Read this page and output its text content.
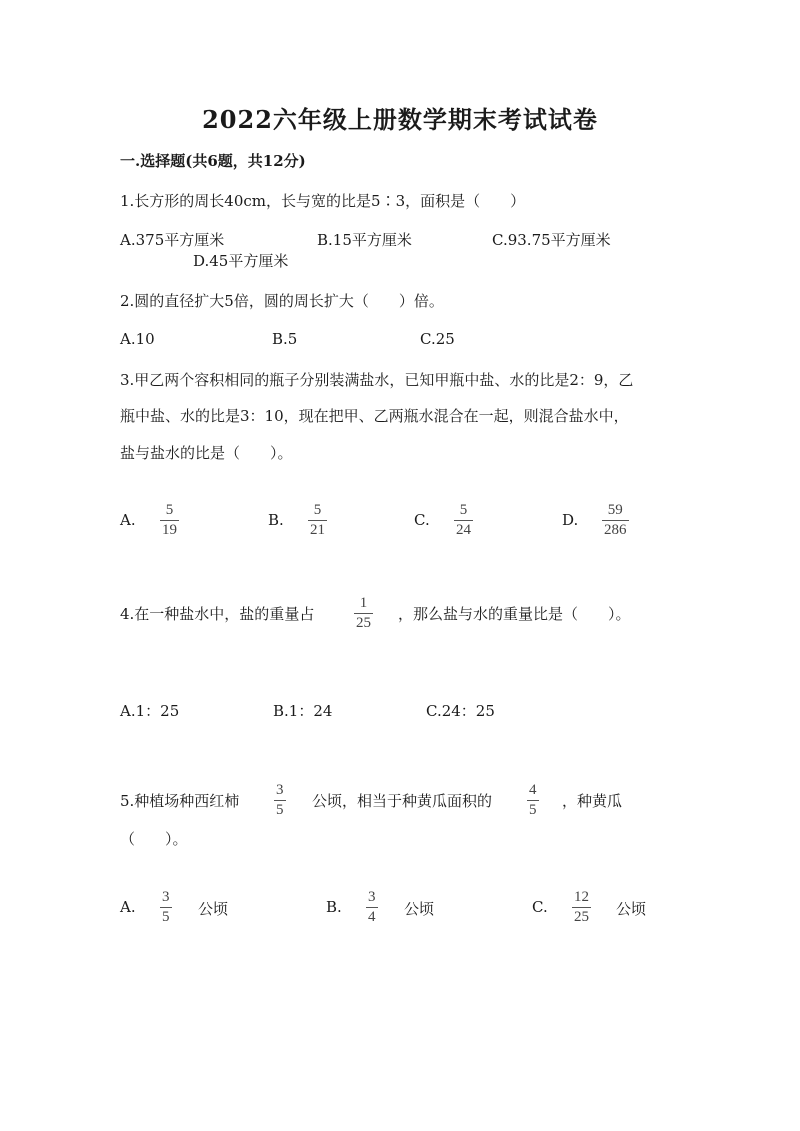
2022六年级上册数学期末考试试卷
一.选择题(共6题，共12分)
1.长方形的周长40cm，长与宽的比是5∶3，面积是（　　）
A.375平方厘米	B.15平方厘米	C.93.75平方厘米
D.45平方厘米
2.圆的直径扩大5倍，圆的周长扩大（　　）倍。
A.10	B.5	C.25
3.甲乙两个容积相同的瓶子分别装满盐水，已知甲瓶中盐、水的比是2：9，乙
瓶中盐、水的比是3：10，现在把甲、乙两瓶水混合在一起，则混合盐水中，
盐与盐水的比是（　　）。
A.
5
19
B.
5
21
C.
5
24
D.
59
286
4.在一种盐水中，盐的重量占
1
25 ，那么盐与水的重量比是（　　）。
A.1：25	B.1：24	C.24：25
5.种植场种西红柿
3
5 公顷，相当于种黄瓜面积的
4
5 ，种黄瓜
（　　）。
A.
3
5 公顷	B.
3
4 公顷	C.
12
25 公顷
